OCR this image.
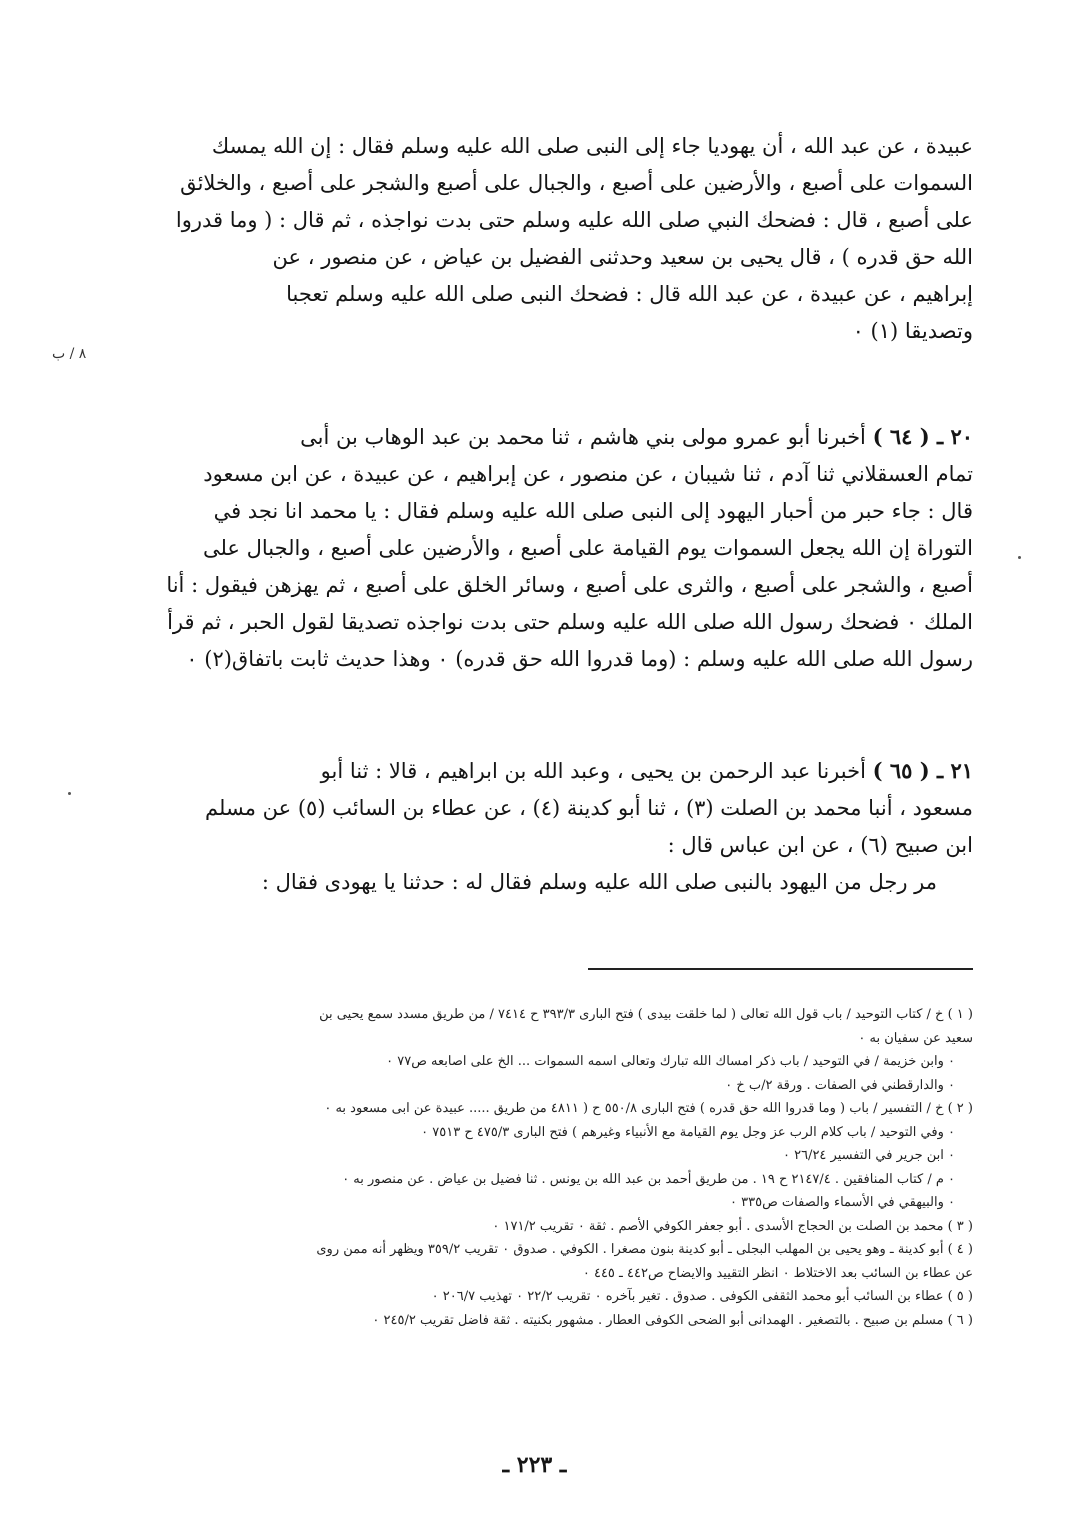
٨ / ب

عبيدة ، عن عبد الله ، أن يهوديا جاء إلى النبى صلى الله عليه وسلم فقال : إن الله يمسك

السموات على أصبع ، والأرضين على أصبع ، والجبال على أصبع والشجر على أصبع ، والخلائق

على أصبع ، قال : فضحك النبي صلى الله عليه وسلم حتى بدت نواجذه ، ثم قال : ( وما قدروا

الله حق قدره ) ، قال يحيى بن سعيد وحدثنى الفضيل بن عياض ، عن منصور ، عن

إبراهيم ، عن عبيدة ، عن عبد الله قال : فضحك النبى صلى الله عليه وسلم تعجبا

وتصديقا (١) ٠

٢٠ ـ ( ٦٤ ) أخبرنا أبو عمرو مولى بني هاشم ، ثنا محمد بن عبد الوهاب بن أبى

تمام العسقلاني ثنا آدم ، ثنا شيبان ، عن منصور ، عن إبراهيم ، عن عبيدة ، عن ابن مسعود

قال : جاء حبر من أحبار اليهود إلى النبى صلى الله عليه وسلم فقال : يا محمد انا نجد في

التوراة إن الله يجعل السموات يوم القيامة على أصبع ، والأرضين على أصبع ، والجبال على

أصبع ، والشجر على أصبع ، والثرى على أصبع ، وسائر الخلق على أصبع ، ثم يهزهن فيقول : أنا

الملك ٠ فضحك رسول الله صلى الله عليه وسلم حتى بدت نواجذه تصديقا لقول الحبر ، ثم قرأ

رسول الله صلى الله عليه وسلم : (وما قدروا الله حق قدره) ٠ وهذا حديث ثابت باتفاق(٢) ٠

٢١ ـ ( ٦٥ ) أخبرنا عبد الرحمن بن يحيى ، وعبد الله بن ابراهيم ، قالا : ثنا أبو

مسعود ، أنبا محمد بن الصلت (٣) ، ثنا أبو كدينة (٤) ، عن عطاء بن السائب (٥) عن مسلم

ابن صبيح (٦) ، عن ابن عباس قال :

مر رجل من اليهود بالنبى صلى الله عليه وسلم فقال له : حدثنا يا يهودى فقال :

( ١ ) خ / كتاب التوحيد / باب قول الله تعالى ( لما خلقت بيدى ) فتح البارى ٣٩٣/٣ ح ٧٤١٤ / من طريق مسدد سمع يحيى بن

سعيد عن سفيان به ٠

٠ وابن خزيمة / في التوحيد / باب ذكر امساك الله تبارك وتعالى اسمه السموات ... الخ على اصابعه ص٧٧ ٠

٠ والدارقطني في الصفات . ورقة ٢/ب خ ٠

( ٢ ) خ / التفسير / باب ( وما قدروا الله حق قدره ) فتح البارى ٥٥٠/٨ ح ( ٤٨١١ من طريق ..... عبيدة عن ابى مسعود به ٠

٠ وفي التوحيد / باب كلام الرب عز وجل يوم القيامة مع الأنبياء وغيرهم ) فتح البارى ٤٧٥/٣ ح ٧٥١٣ ٠

٠ ابن جرير في التفسير ٢٦/٢٤ ٠

٠ م / كتاب المنافقين . ٢١٤٧/٤ ح ١٩ . من طريق أحمد بن عبد الله بن يونس . ثنا فضيل بن عياض . عن منصور به ٠

٠ والبيهقي في الأسماء والصفات ص٣٣٥ ٠

( ٣ ) محمد بن الصلت بن الحجاج الأسدى . أبو جعفر الكوفي الأصم . ثقة ٠ تقريب ١٧١/٢ ٠

( ٤ ) أبو كدينة ـ وهو يحيى بن المهلب البجلى ـ أبو كدينة بنون مصغرا . الكوفي . صدوق ٠ تقريب ٣٥٩/٢ ويظهر أنه ممن روى

عن عطاء بن السائب بعد الاختلاط ٠ انظر التقييد والايضاح ص٤٤٢ ـ ٤٤٥ ٠

( ٥ ) عطاء بن السائب أبو محمد الثقفى الكوفى . صدوق . تغير بآخره ٠ تقريب ٢٢/٢ ٠ تهذيب ٢٠٦/٧ ٠

( ٦ ) مسلم بن صبيح . بالتصغير . الهمدانى أبو الضحى الكوفى العطار . مشهور بكنيته . ثقة فاضل تقريب ٢٤٥/٢ ٠

ـ ٢٢٣ ـ
